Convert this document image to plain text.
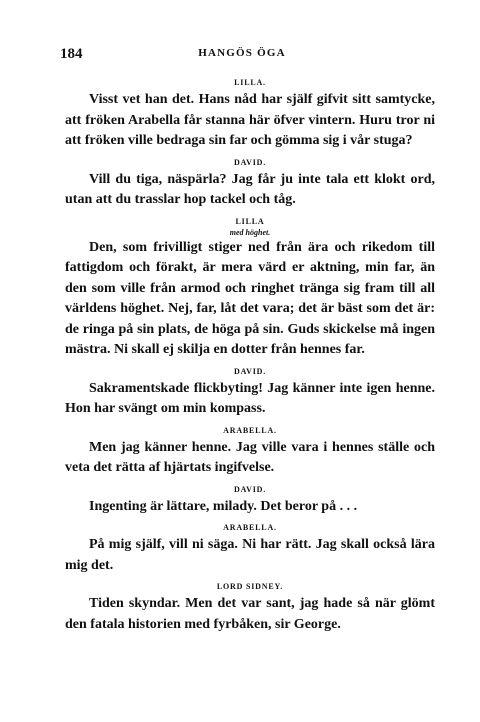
184	HANGÖS ÖGA
LILLA.

Visst vet han det. Hans nåd har själf gifvit sitt samtycke, att fröken Arabella får stanna här öfver vintern. Huru tror ni att fröken ville bedraga sin far och gömma sig i vår stuga?

DAVID.

Vill du tiga, näspärla? Jag får ju inte tala ett klokt ord, utan att du trasslar hop tackel och tåg.

LILLA
med höghet.

Den, som frivilligt stiger ned från ära och rikedom till fattigdom och förakt, är mera värd er aktning, min far, än den som ville från armod och ringhet tränga sig fram till all världens höghet. Nej, far, låt det vara; det är bäst som det är: de ringa på sin plats, de höga på sin. Guds skickelse må ingen mästra. Ni skall ej skilja en dotter från hennes far.

DAVID.

Sakramentskade flickbyting! Jag känner inte igen henne. Hon har svängt om min kompass.

ARABELLA.

Men jag känner henne. Jag ville vara i hennes ställe och veta det rätta af hjärtats ingifvelse.

DAVID.

Ingenting är lättare, milady. Det beror på . . .

ARABELLA.

På mig själf, vill ni säga. Ni har rätt. Jag skall också lära mig det.

LORD SIDNEY.

Tiden skyndar. Men det var sant, jag hade så när glömt den fatala historien med fyrbåken, sir George.
